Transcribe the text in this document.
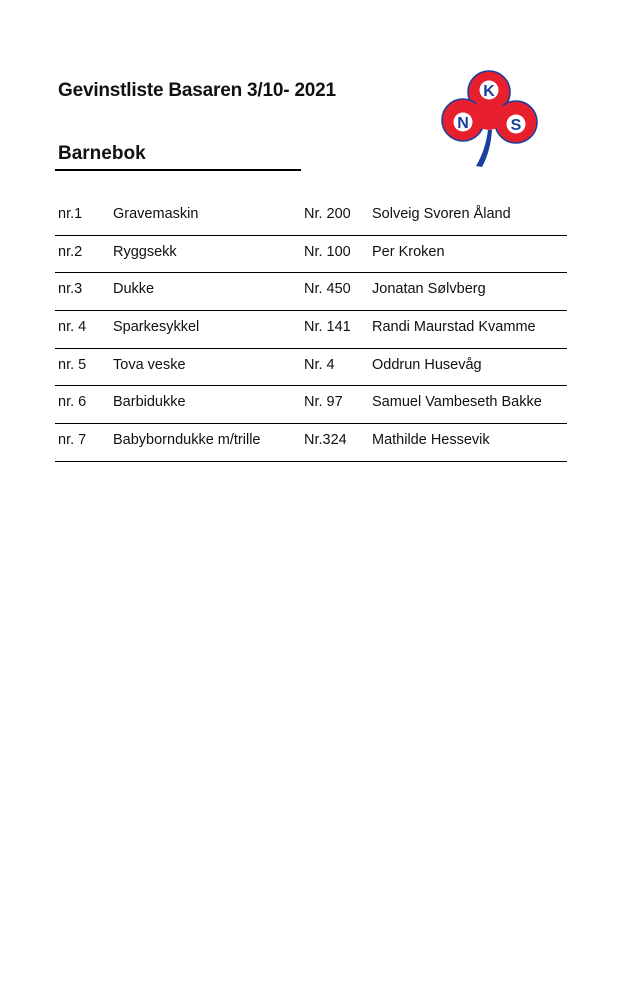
Gevinstliste Basaren 3/10- 2021	K
N	S
Barnebok
nr.1 Gravemaskin	Nr. 200 Solveig Svoren Åland
nr.2 Ryggsekk	Nr. 100 Per Kroken
nr.3 Dukke	Nr. 450 Jonatan Sølvberg
nr. 4 Sparkesykkel	Nr. 141 Randi Maurstad Kvamme
nr. 5 Tova veske	Nr. 4	Oddrun Husevåg
nr. 6 Barbidukke	Nr. 97 Samuel Vambeseth Bakke
nr. 7 Babyborndukke m/trille	Nr.324 Mathilde Hessevik
